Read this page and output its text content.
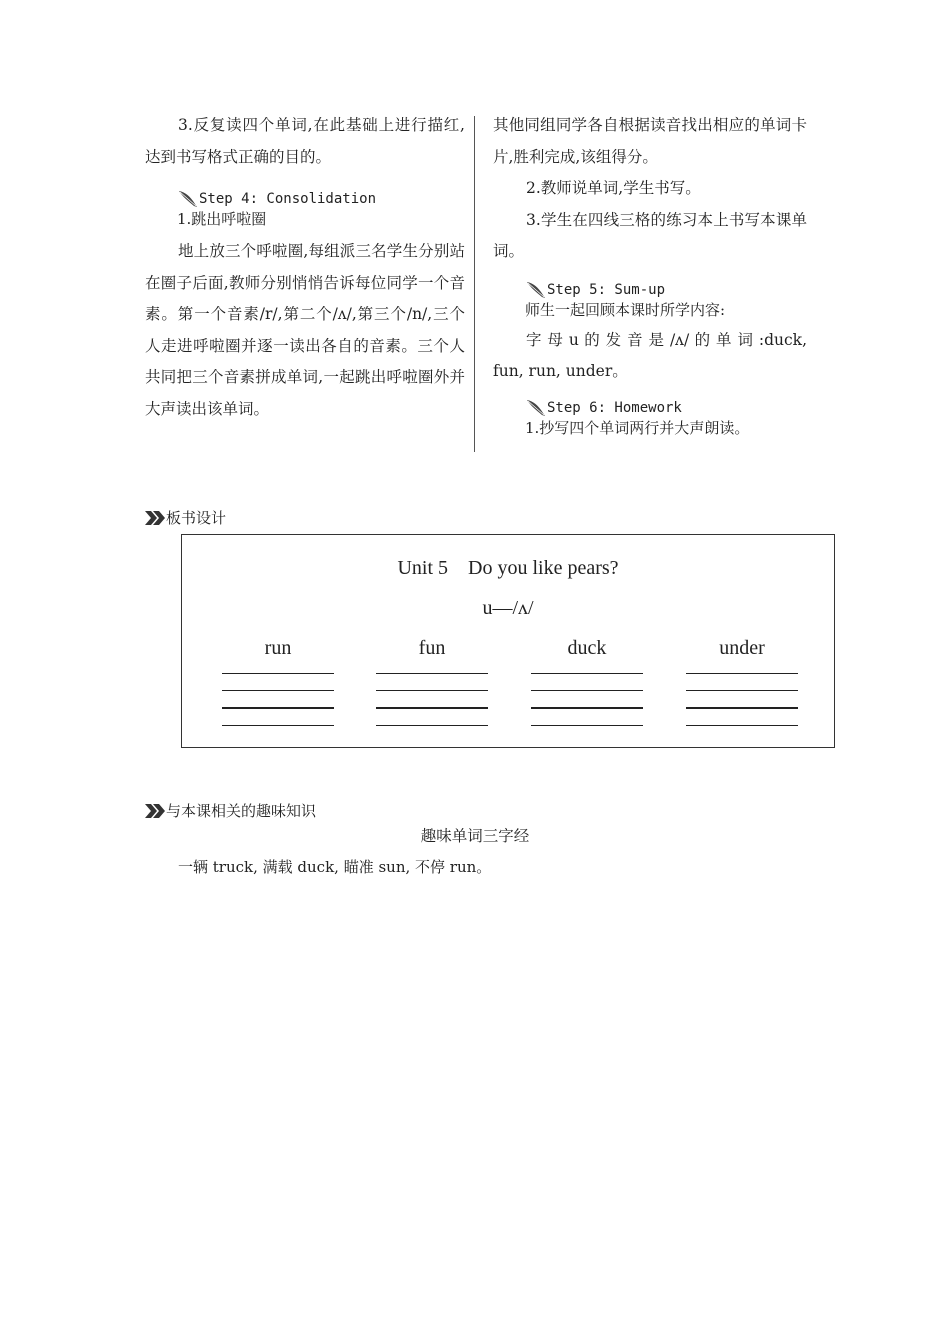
3.反复读四个单词,在此基础上进行描红,达到书写格式正确的目的。

Step 4: Consolidation
1.跳出呼啦圈

地上放三个呼啦圈,每组派三名学生分别站在圈子后面,教师分别悄悄告诉每位同学一个音素。第一个音素/r/,第二个/ʌ/,第三个/n/,三个人走进呼啦圈并逐一读出各自的音素。三个人共同把三个音素拼成单词,一起跳出呼啦圈外并大声读出该单词。

其他同组同学各自根据读音找出相应的单词卡片,胜利完成,该组得分。

2.教师说单词,学生书写。

3.学生在四线三格的练习本上书写本课单词。

Step 5: Sum-up
师生一起回顾本课时所学内容:

字 母 u 的 发 音 是 /ʌ/ 的 单 词 :duck, fun, run, under。

Step 6: Homework
1.抄写四个单词两行并大声朗读。
板书设计
Unit 5    Do you like pears?
u—/ʌ/
run	fun	duck	under
与本课相关的趣味知识
趣味单词三字经
一辆 truck, 满载 duck, 瞄准 sun, 不停 run。
